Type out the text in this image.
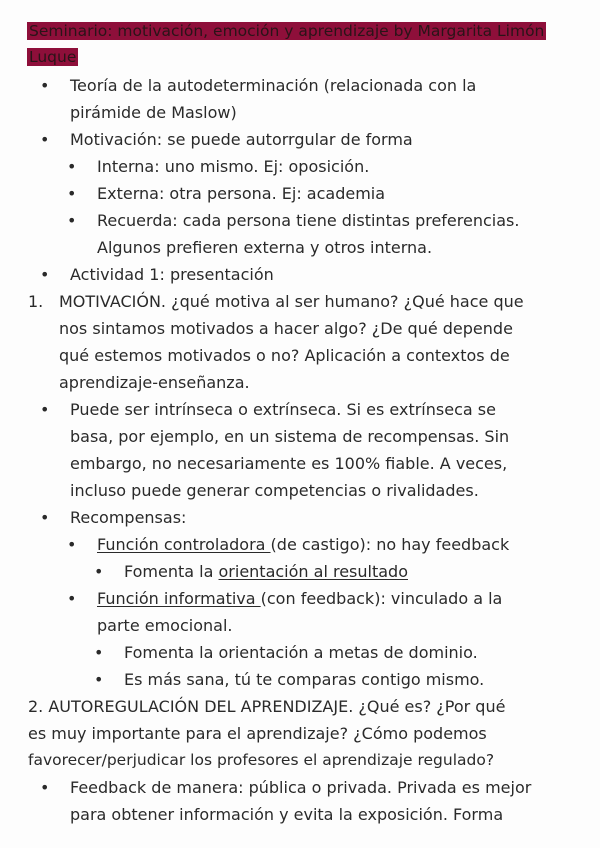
Seminario: motivación, emoción y aprendizaje by Margarita Limón Luque
• Teoría de la autodeterminación (relacionada con la
pirámide de Maslow)
• Motivación: se puede autorrgular de forma
• Interna: uno mismo. Ej: oposición.
• Externa: otra persona. Ej: academia
• Recuerda: cada persona tiene distintas preferencias.
Algunos prefieren externa y otros interna.
• Actividad 1: presentación
1. MOTIVACIÓN. ¿qué motiva al ser humano? ¿Qué hace que
nos sintamos motivados a hacer algo? ¿De qué depende
qué estemos motivados o no? Aplicación a contextos de
aprendizaje-enseñanza.
• Puede ser intrínseca o extrínseca. Si es extrínseca se
basa, por ejemplo, en un sistema de recompensas. Sin
embargo, no necesariamente es 100% fiable. A veces,
incluso puede generar competencias o rivalidades.
• Recompensas:
• Función controladora (de castigo): no hay feedback
• Fomenta la orientación al resultado
• Función informativa (con feedback): vinculado a la
parte emocional.
• Fomenta la orientación a metas de dominio.
• Es más sana, tú te comparas contigo mismo.
2. AUTOREGULACIÓN DEL APRENDIZAJE. ¿Qué es? ¿Por qué
es muy importante para el aprendizaje? ¿Cómo podemos
favorecer/perjudicar los profesores el aprendizaje regulado?
• Feedback de manera: pública o privada. Privada es mejor
para obtener información y evita la exposición. Forma
